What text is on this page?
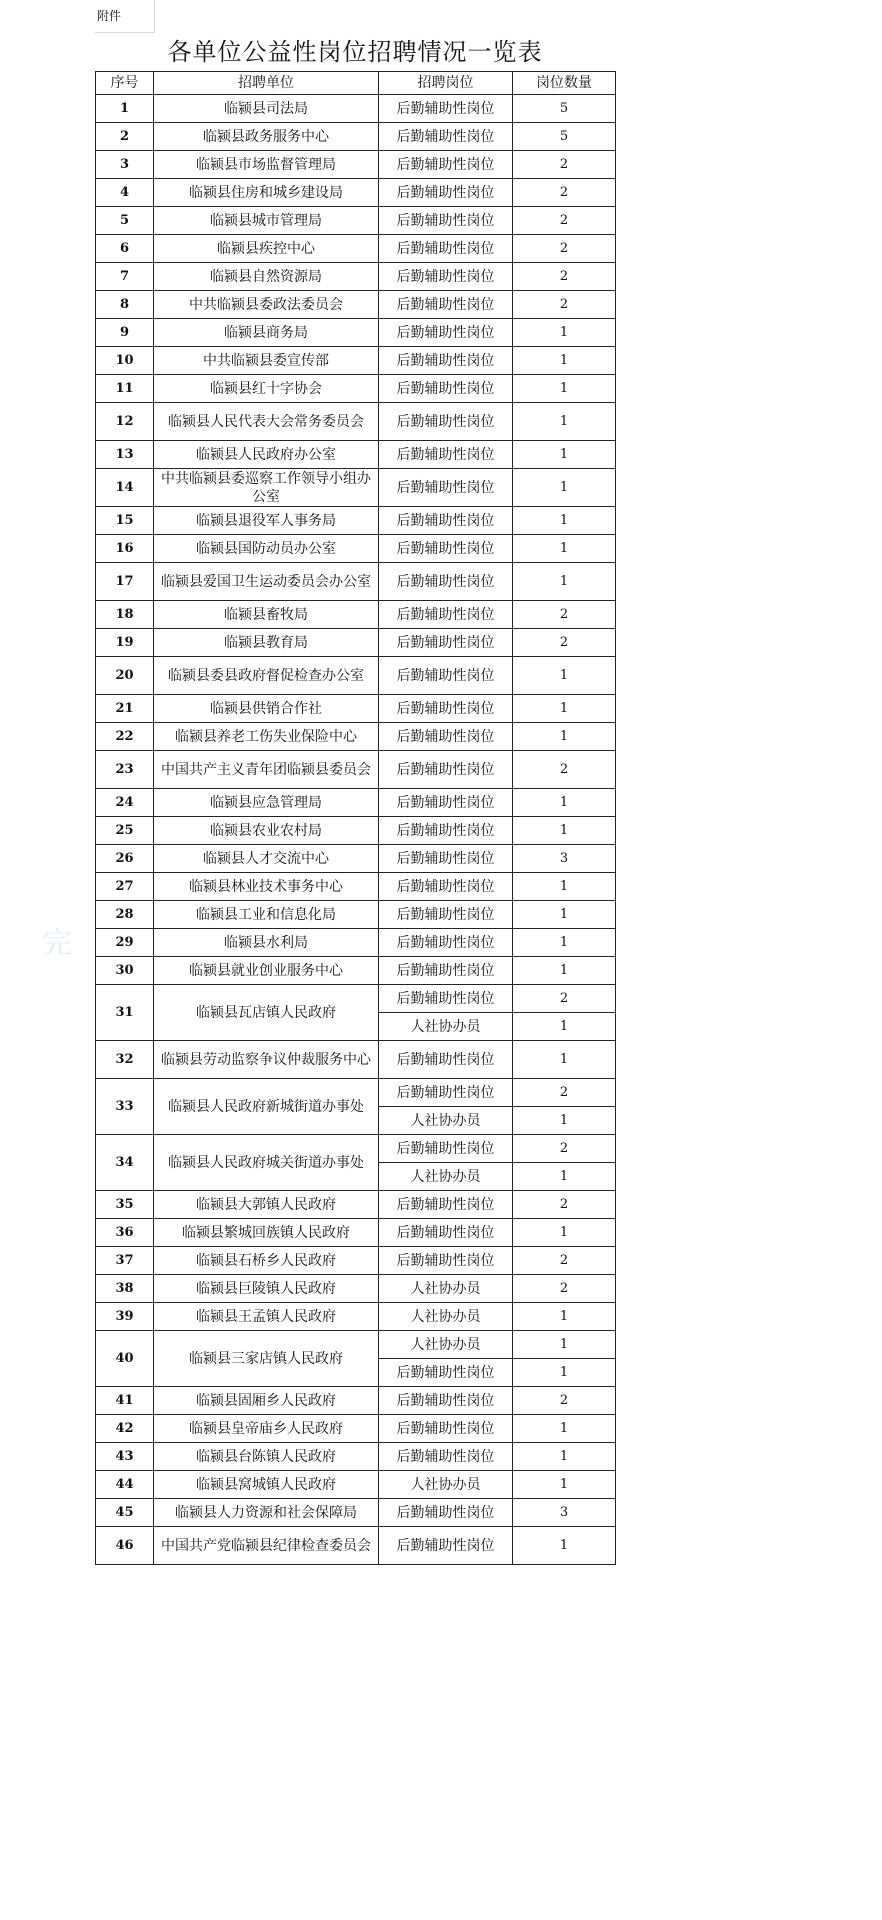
完
附件
各单位公益性岗位招聘情况一览表
序号	招聘单位	招聘岗位	岗位数量
1	临颍县司法局	后勤辅助性岗位	5
2	临颍县政务服务中心	后勤辅助性岗位	5
3	临颍县市场监督管理局	后勤辅助性岗位	2
4	临颍县住房和城乡建设局	后勤辅助性岗位	2
5	临颍县城市管理局	后勤辅助性岗位	2
6	临颍县疾控中心	后勤辅助性岗位	2
7	临颍县自然资源局	后勤辅助性岗位	2
8	中共临颍县委政法委员会	后勤辅助性岗位	2
9	临颍县商务局	后勤辅助性岗位	1
10	中共临颍县委宣传部	后勤辅助性岗位	1
11	临颍县红十字协会	后勤辅助性岗位	1
12	临颍县人民代表大会常务委员会	后勤辅助性岗位	1
13	临颍县人民政府办公室	后勤辅助性岗位	1
14	中共临颍县委巡察工作领导小组办公室	后勤辅助性岗位	1
15	临颍县退役军人事务局	后勤辅助性岗位	1
16	临颍县国防动员办公室	后勤辅助性岗位	1
17	临颍县爱国卫生运动委员会办公室	后勤辅助性岗位	1
18	临颍县畜牧局	后勤辅助性岗位	2
19	临颍县教育局	后勤辅助性岗位	2
20	临颍县委县政府督促检查办公室	后勤辅助性岗位	1
21	临颍县供销合作社	后勤辅助性岗位	1
22	临颍县养老工伤失业保险中心	后勤辅助性岗位	1
23	中国共产主义青年团临颍县委员会	后勤辅助性岗位	2
24	临颍县应急管理局	后勤辅助性岗位	1
25	临颍县农业农村局	后勤辅助性岗位	1
26	临颍县人才交流中心	后勤辅助性岗位	3
27	临颍县林业技术事务中心	后勤辅助性岗位	1
28	临颍县工业和信息化局	后勤辅助性岗位	1
29	临颍县水利局	后勤辅助性岗位	1
30	临颍县就业创业服务中心	后勤辅助性岗位	1
31	临颍县瓦店镇人民政府	后勤辅助性岗位	2
		人社协办员	1
32	临颍县劳动监察争议仲裁服务中心	后勤辅助性岗位	1
33	临颍县人民政府新城街道办事处	后勤辅助性岗位	2
		人社协办员	1
34	临颍县人民政府城关街道办事处	后勤辅助性岗位	2
		人社协办员	1
35	临颍县大郭镇人民政府	后勤辅助性岗位	2
36	临颍县繁城回族镇人民政府	后勤辅助性岗位	1
37	临颍县石桥乡人民政府	后勤辅助性岗位	2
38	临颍县巨陵镇人民政府	人社协办员	2
39	临颍县王孟镇人民政府	人社协办员	1
40	临颍县三家店镇人民政府	人社协办员	1
		后勤辅助性岗位	1
41	临颍县固厢乡人民政府	后勤辅助性岗位	2
42	临颍县皇帝庙乡人民政府	后勤辅助性岗位	1
43	临颍县台陈镇人民政府	后勤辅助性岗位	1
44	临颍县窝城镇人民政府	人社协办员	1
45	临颍县人力资源和社会保障局	后勤辅助性岗位	3
46	中国共产党临颍县纪律检查委员会	后勤辅助性岗位	1
